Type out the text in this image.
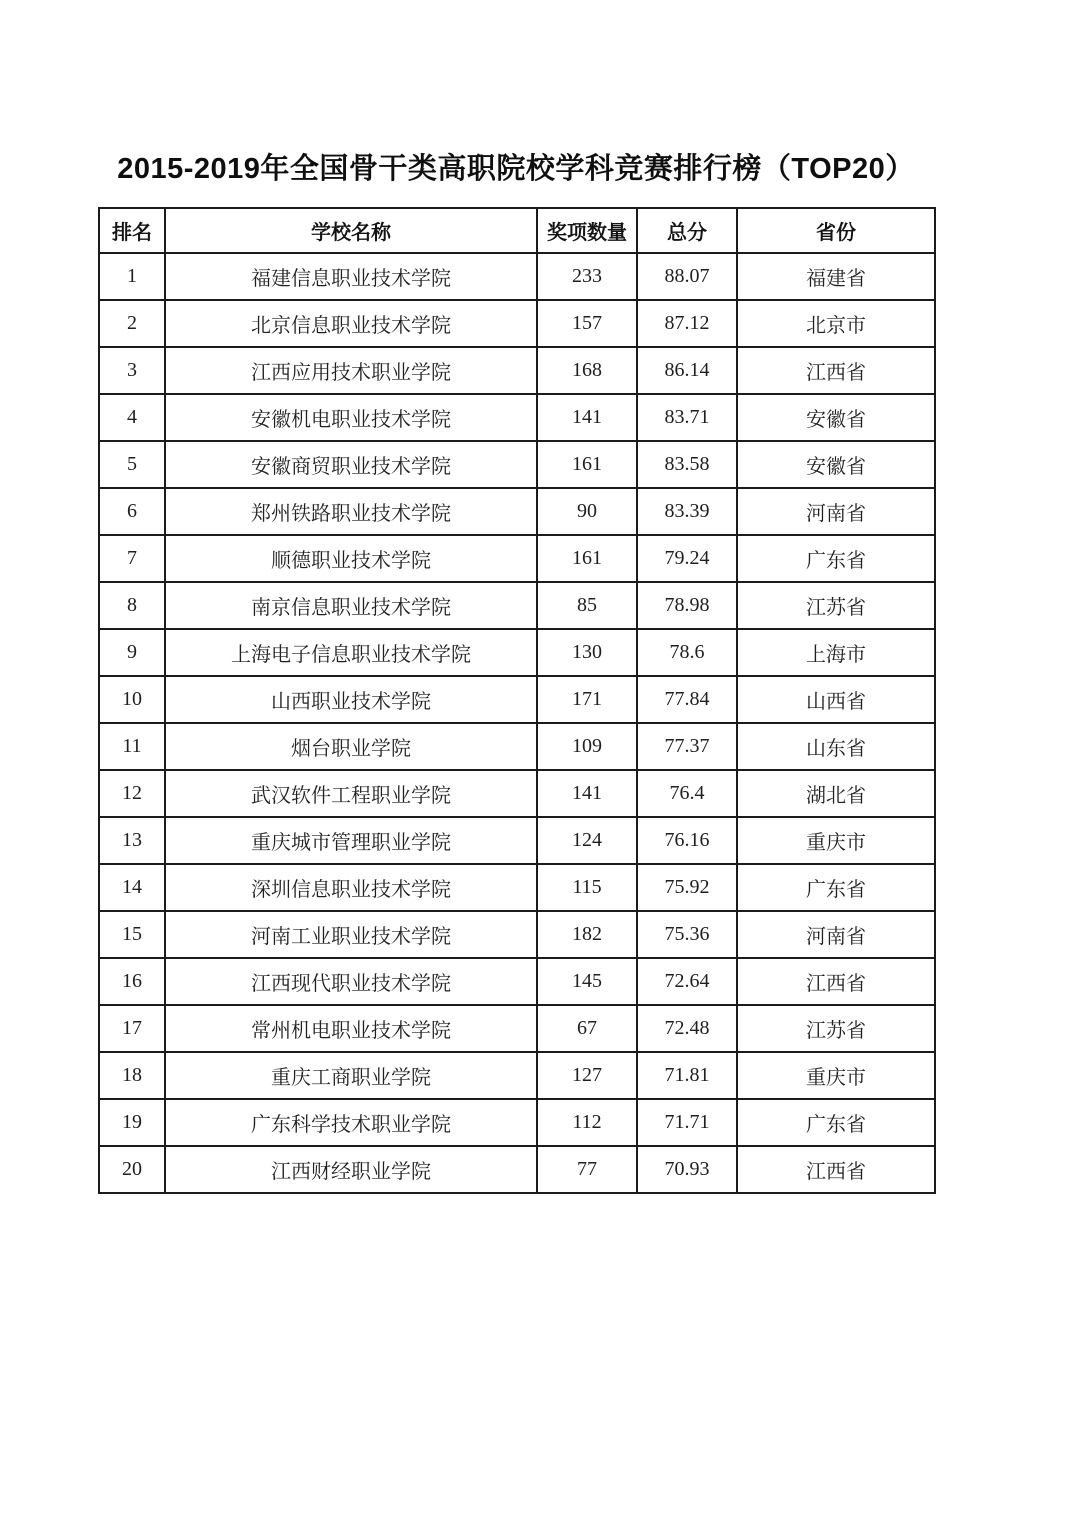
2015-2019年全国骨干类高职院校学科竞赛排行榜（TOP20）
排名	学校名称	奖项数量	总分	省份
1	福建信息职业技术学院	233	88.07	福建省
2	北京信息职业技术学院	157	87.12	北京市
3	江西应用技术职业学院	168	86.14	江西省
4	安徽机电职业技术学院	141	83.71	安徽省
5	安徽商贸职业技术学院	161	83.58	安徽省
6	郑州铁路职业技术学院	90	83.39	河南省
7	顺德职业技术学院	161	79.24	广东省
8	南京信息职业技术学院	85	78.98	江苏省
9	上海电子信息职业技术学院	130	78.6	上海市
10	山西职业技术学院	171	77.84	山西省
11	烟台职业学院	109	77.37	山东省
12	武汉软件工程职业学院	141	76.4	湖北省
13	重庆城市管理职业学院	124	76.16	重庆市
14	深圳信息职业技术学院	115	75.92	广东省
15	河南工业职业技术学院	182	75.36	河南省
16	江西现代职业技术学院	145	72.64	江西省
17	常州机电职业技术学院	67	72.48	江苏省
18	重庆工商职业学院	127	71.81	重庆市
19	广东科学技术职业学院	112	71.71	广东省
20	江西财经职业学院	77	70.93	江西省
